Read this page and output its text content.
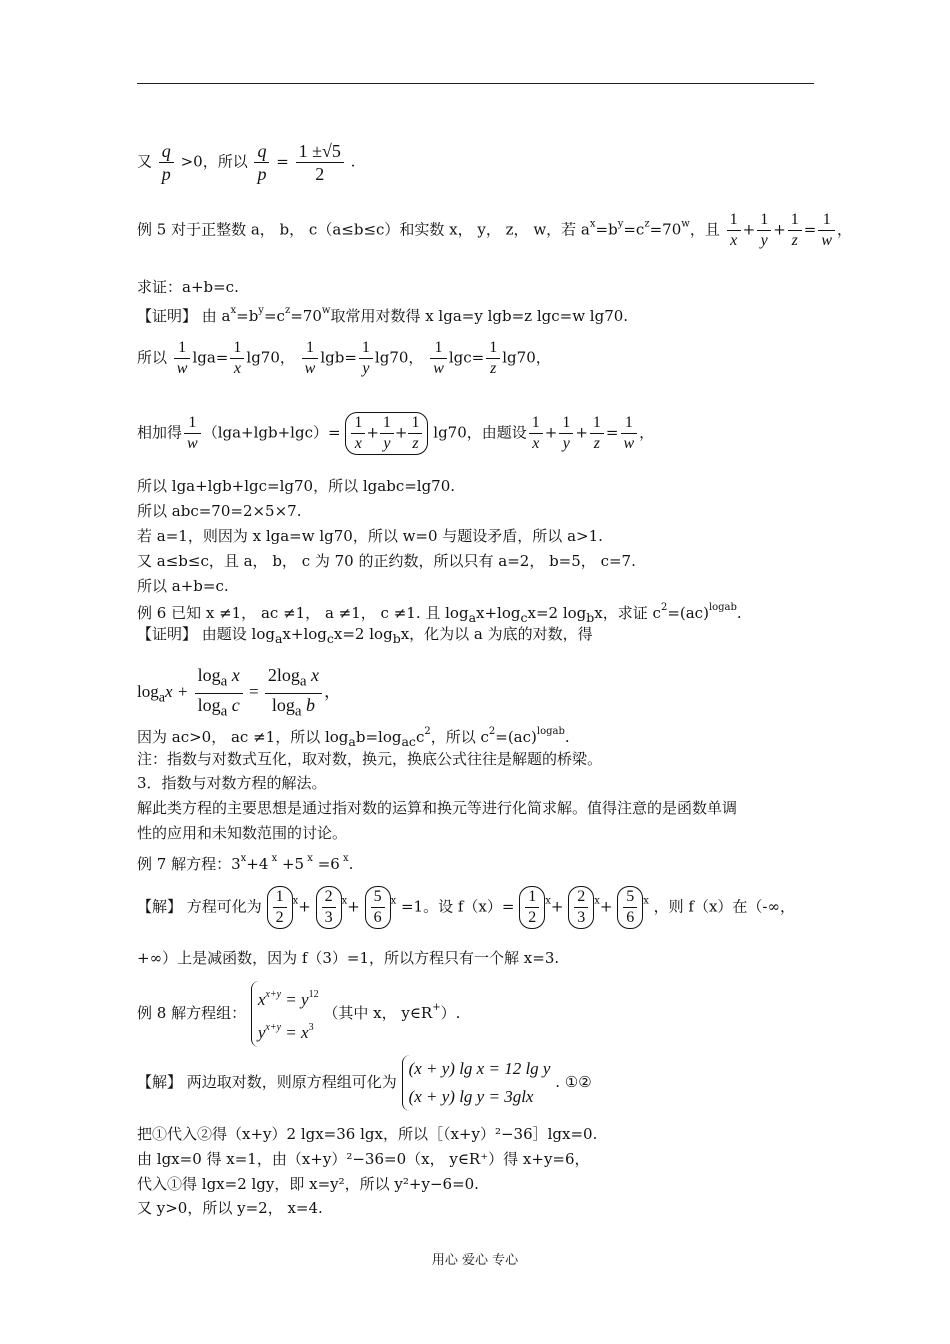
又 $\frac{q}{p} >0$，所以 $\frac{q}{p} = \frac{1 \pm√5}{2}$ .
例 5 对于正整数 a， b， c（a≤b≤c）和实数 x， y， z， w，若 $a^x=b^y=c^z=70^w$，且 $\frac{1}{x} + \frac{1}{y} + \frac{1}{z} = \frac{1}{w}$ ，
求证：a+b=c.
【证明】 由 $a^x=b^y=c^z=70^w$取常用对数得 x lga=y lgb=z lgc=w lg70.
所以 $\frac{1}{w} \lg a= \frac{1}{x} \lg 70$， $\frac{1}{w} \lg b= \frac{1}{y} \lg 70$， $\frac{1}{w} \lg c= \frac{1}{z} \lg 70$，
相加得 $\frac{1}{w} (\lg a+\lg b+\lg c)= \frac{1}{x} + \frac{1}{y} + \frac{1}{z} \lg 70$，由题设 $\frac{1}{x} + \frac{1}{y} + \frac{1}{z} = \frac{1}{w}$ ，
所以 lga+lgb+lgc=lg70，所以 lgabc=lg70.
所以 abc=70=2×5×7.
若 a=1，则因为 x lga=w lg70，所以 w=0 与题设矛盾，所以 a>1.
又 a≤b≤c，且 a， b， c 为 70 的正约数，所以只有 a=2， b=5， c=7.
所以 a+b=c.
例 6 已知 x ≠1， ac ≠1， a ≠1， c ≠1. 且 $\log_ax+\log_cx=2$ $\log_bx$，求证 $c^2=(ac)^{logab}$.
【证明】 由题设 $\log_ax+\log_cx=2$ $\log_bx$，化为以 a 为底的对数，得
$\log_ax + \frac{\log_a x}{\log_a c} = \frac{2\log_a x}{\log_a b}$ ，
因为 ac>0， ac ≠1，所以 $\log_ab=\log_{ac}c^2$，所以 $c^2=(ac)^{logab}$.
注：指数与对数式互化，取对数，换元，换底公式往往是解题的桥梁。
3．指数与对数方程的解法。
解此类方程的主要思想是通过指对数的运算和换元等进行化简求解。值得注意的是函数单调
性的应用和未知数范围的讨论。
例 7 解方程：$3^x+4$ $^x$ +5 $^x$ =6 $^x$.
【解】 方程可化为 $\frac{1}{2} ^x+ \frac{2}{3} ^x+ \frac{5}{6} ^x =1$。设 $f(x)= \frac{1}{2} ^x+ \frac{2}{3} ^x+ \frac{5}{6} ^x$ ，则 f（x）在（-∞，
+∞）上是减函数，因为 f（3）=1，所以方程只有一个解 x=3.
例 8 解方程组：
$x^{x+y} = y^{12}$
$y^{x+y} = x^3$
（其中 x， y∈R+）.
【解】 两边取对数，则原方程组可化为
(x + y) lg x = 12 lg y
(x + y) lg y = 3glx
. ①②
把①代入②得（x+y）2 lgx=36 lgx，所以［（x+y）²−36］lgx=0.
由 lgx=0 得 x=1，由（x+y）²−36=0（x， y∈R⁺）得 x+y=6，
代入①得 lgx=2 lgy，即 x=y²，所以 y²+y−6=0.
又 y>0，所以 y=2， x=4.
用心 爱心 专心
